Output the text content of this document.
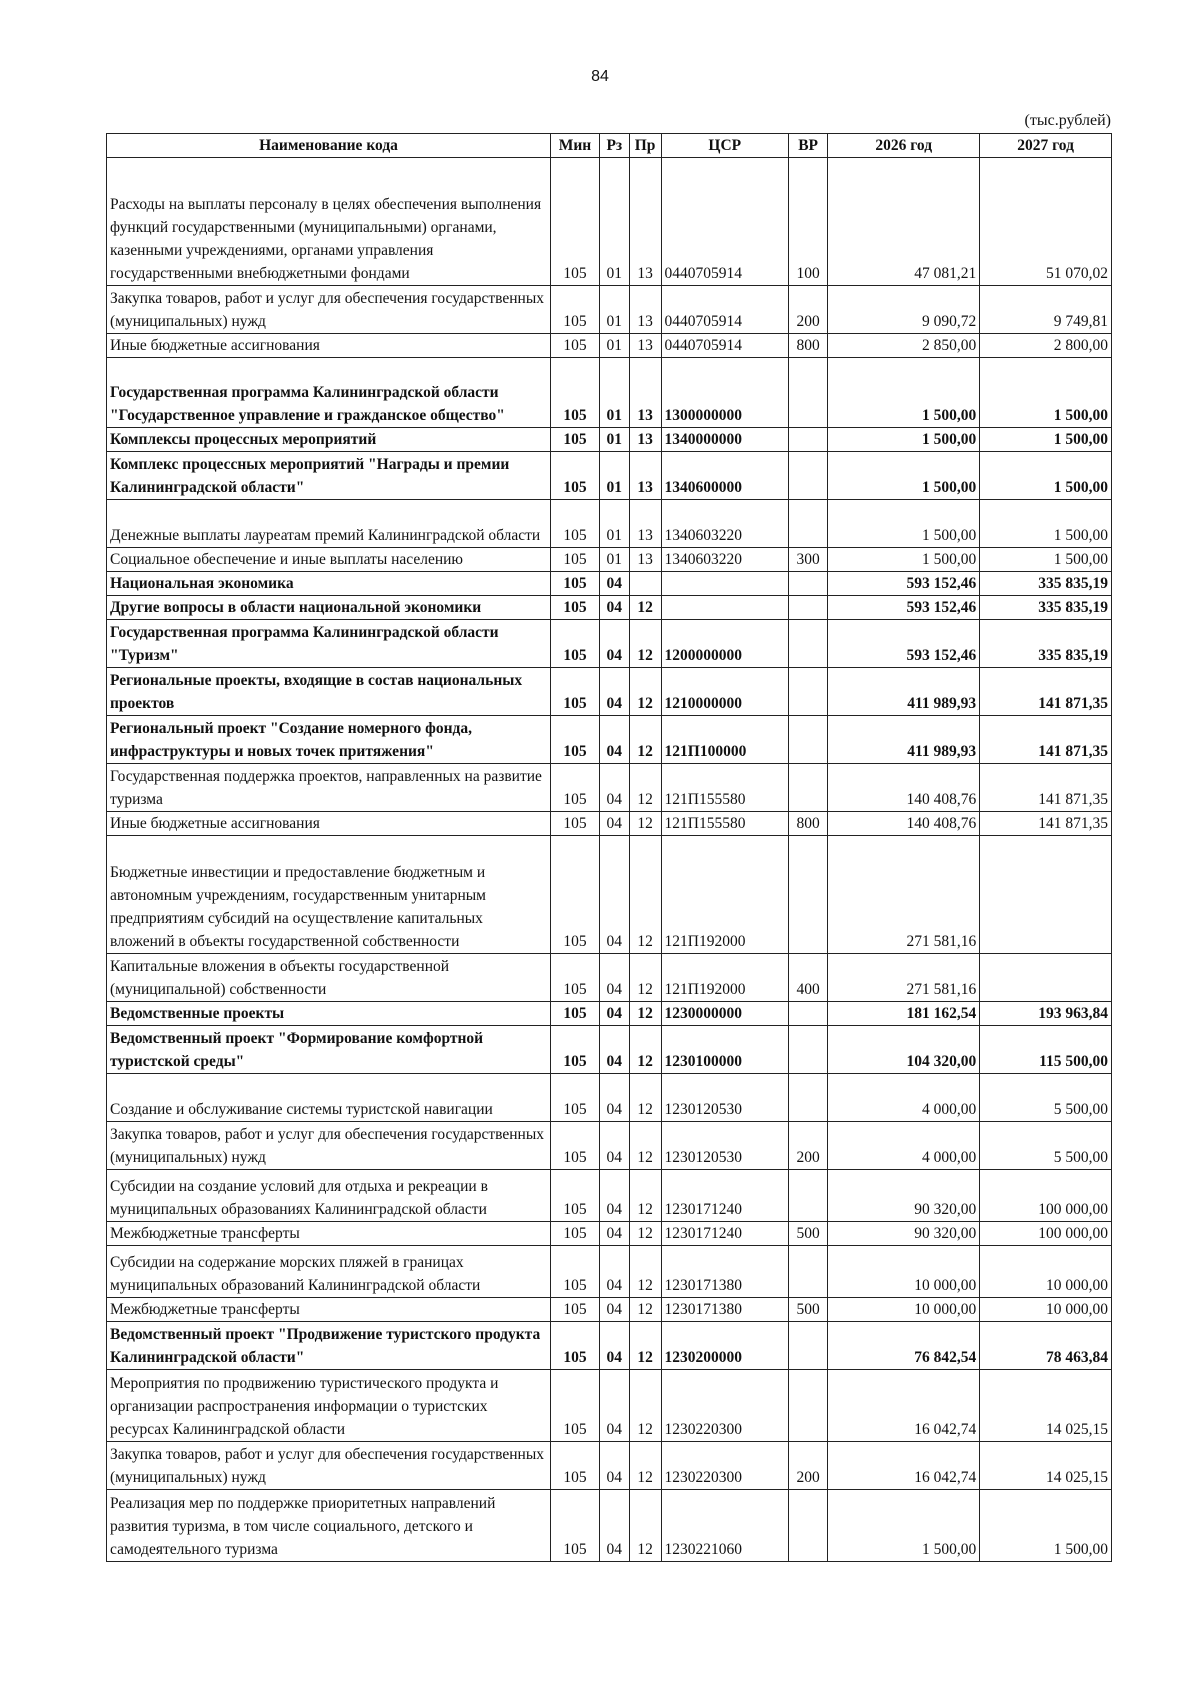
84
(тыс.рублей)
Наименование кода	Мин	Рз	Пр	ЦСР	ВР	2026 год	2027 год
Расходы на выплаты персоналу в целях обеспечения выполнения функций государственными (муниципальными) органами, казенными учреждениями, органами управления государственными внебюджетными фондами	105	01	13	0440705914	100	47 081,21	51 070,02
Закупка товаров, работ и услуг для обеспечения государственных (муниципальных) нужд	105	01	13	0440705914	200	9 090,72	9 749,81
Иные бюджетные ассигнования	105	01	13	0440705914	800	2 850,00	2 800,00
Государственная программа Калининградской области "Государственное управление и гражданское общество"	105	01	13	1300000000		1 500,00	1 500,00
Комплексы процессных мероприятий	105	01	13	1340000000		1 500,00	1 500,00
Комплекс процессных мероприятий "Награды и премии Калининградской области"	105	01	13	1340600000		1 500,00	1 500,00
Денежные выплаты лауреатам премий Калининградской области	105	01	13	1340603220		1 500,00	1 500,00
Социальное обеспечение и иные выплаты населению	105	01	13	1340603220	300	1 500,00	1 500,00
Национальная экономика	105	04				593 152,46	335 835,19
Другие вопросы в области национальной экономики	105	04	12			593 152,46	335 835,19
Государственная программа Калининградской области "Туризм"	105	04	12	1200000000		593 152,46	335 835,19
Региональные проекты, входящие в состав национальных проектов	105	04	12	1210000000		411 989,93	141 871,35
Региональный проект "Создание номерного фонда, инфраструктуры и новых точек притяжения"	105	04	12	121П100000		411 989,93	141 871,35
Государственная поддержка проектов, направленных на развитие туризма	105	04	12	121П155580		140 408,76	141 871,35
Иные бюджетные ассигнования	105	04	12	121П155580	800	140 408,76	141 871,35
Бюджетные инвестиции и предоставление бюджетным и автономным учреждениям, государственным унитарным предприятиям субсидий на осуществление капитальных вложений в объекты государственной собственности	105	04	12	121П192000		271 581,16	
Капитальные вложения в объекты государственной (муниципальной) собственности	105	04	12	121П192000	400	271 581,16	
Ведомственные проекты	105	04	12	1230000000		181 162,54	193 963,84
Ведомственный проект "Формирование комфортной туристской среды"	105	04	12	1230100000		104 320,00	115 500,00
Создание и обслуживание системы туристской навигации	105	04	12	1230120530		4 000,00	5 500,00
Закупка товаров, работ и услуг для обеспечения государственных (муниципальных) нужд	105	04	12	1230120530	200	4 000,00	5 500,00
Субсидии на создание условий для отдыха и рекреации в муниципальных образованиях Калининградской области	105	04	12	1230171240		90 320,00	100 000,00
Межбюджетные трансферты	105	04	12	1230171240	500	90 320,00	100 000,00
Субсидии на содержание морских пляжей в границах муниципальных образований Калининградской области	105	04	12	1230171380		10 000,00	10 000,00
Межбюджетные трансферты	105	04	12	1230171380	500	10 000,00	10 000,00
Ведомственный проект "Продвижение туристского продукта Калининградской области"	105	04	12	1230200000		76 842,54	78 463,84
Мероприятия по продвижению туристического продукта и организации распространения информации о туристских ресурсах Калининградской области	105	04	12	1230220300		16 042,74	14 025,15
Закупка товаров, работ и услуг для обеспечения государственных (муниципальных) нужд	105	04	12	1230220300	200	16 042,74	14 025,15
Реализация мер по поддержке приоритетных направлений развития туризма, в том числе социального, детского и самодеятельного туризма	105	04	12	1230221060		1 500,00	1 500,00
